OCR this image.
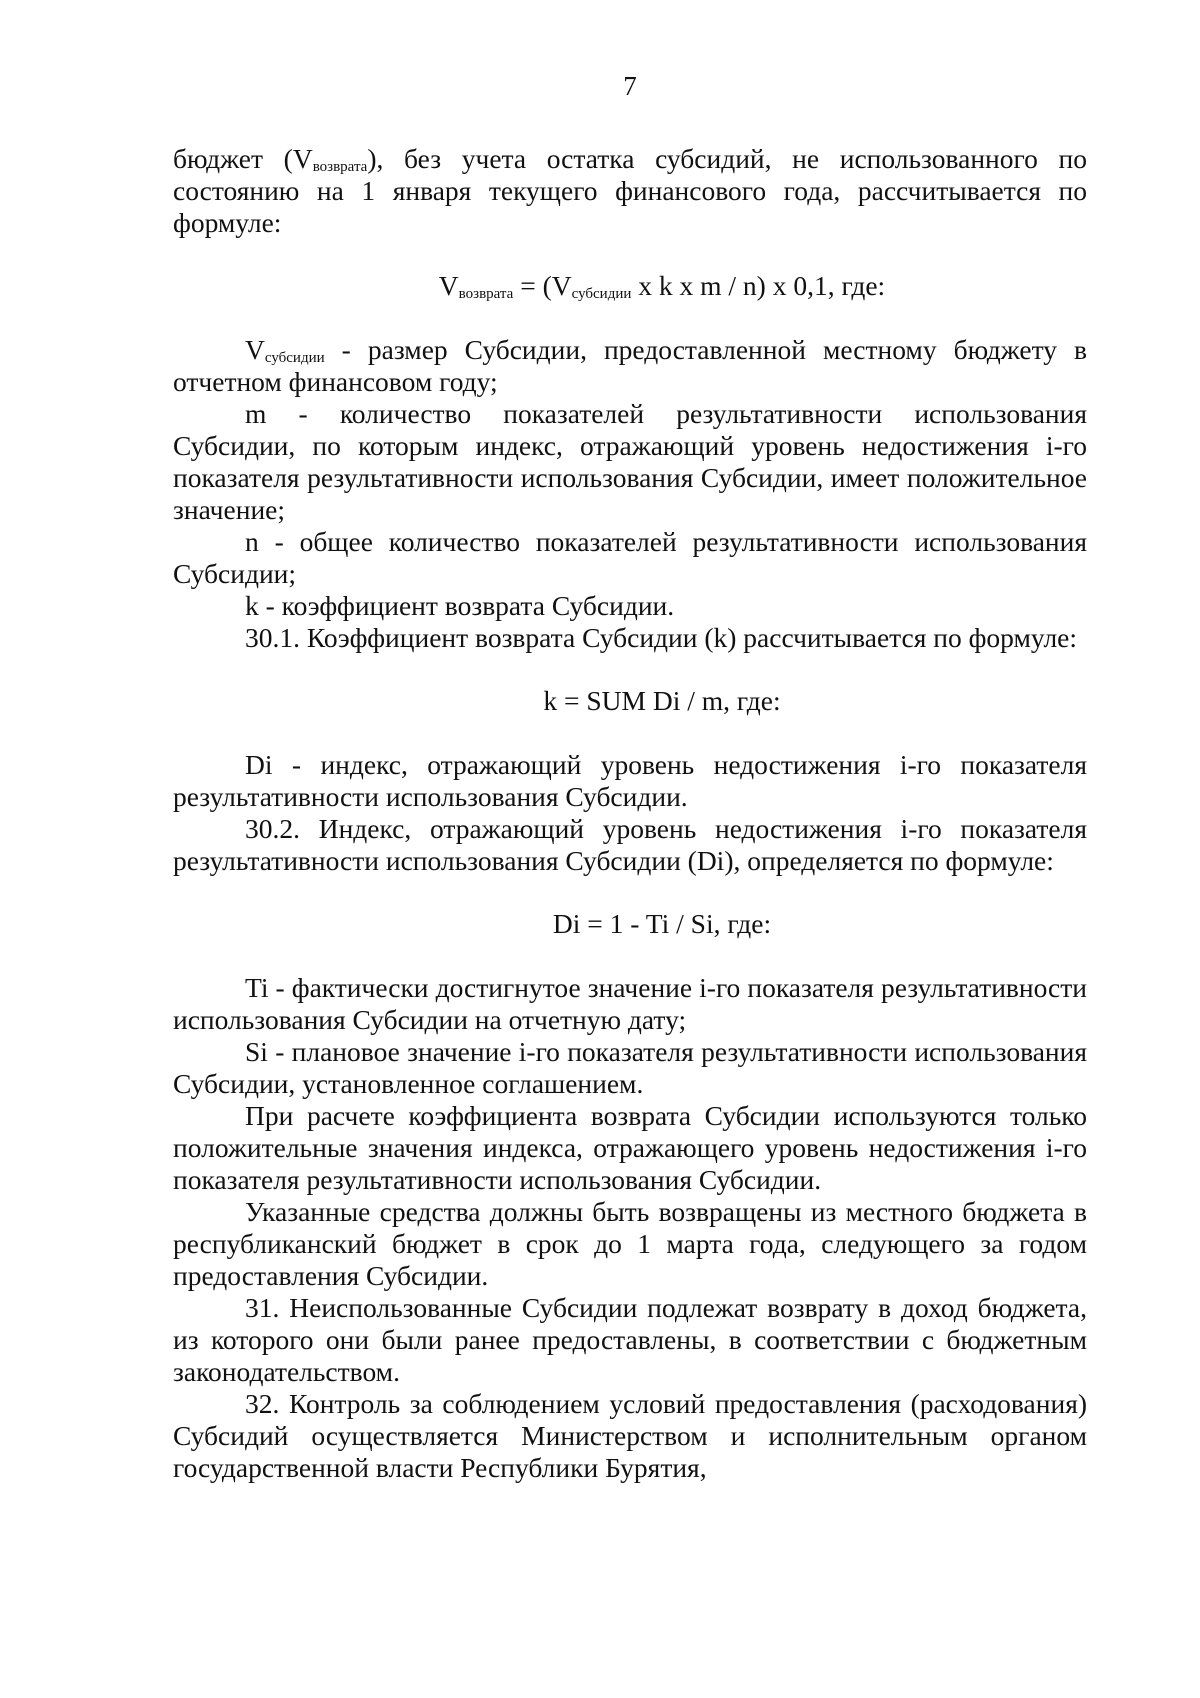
7

бюджет $(V_{возврата})$, без учета остатка субсидий, не использованного по состоянию на 1 января текущего финансового года, рассчитывается по формуле:

$V_{возврата} = (V_{субсидии}$ x k x m / n) x 0,1, где:

$V_{субсидии}$ - размер Субсидии, предоставленной местному бюджету в отчетном финансовом году;

m - количество показателей результативности использования Субсидии, по которым индекс, отражающий уровень недостижения i-го показателя результативности использования Субсидии, имеет положительное значение;

n - общее количество показателей результативности использования Субсидии;

k - коэффициент возврата Субсидии.

30.1. Коэффициент возврата Субсидии (k) рассчитывается по формуле:

k = SUM Di / m, где:

Di - индекс, отражающий уровень недостижения i-го показателя результативности использования Субсидии.

30.2. Индекс, отражающий уровень недостижения i-го показателя результативности использования Субсидии (Di), определяется по формуле:

Di = 1 - Ti / Si, где:

Ti - фактически достигнутое значение i-го показателя результативности использования Субсидии на отчетную дату;

Si - плановое значение i-го показателя результативности использования Субсидии, установленное соглашением.

При расчете коэффициента возврата Субсидии используются только положительные значения индекса, отражающего уровень недостижения i-го показателя результативности использования Субсидии.

Указанные средства должны быть возвращены из местного бюджета в республиканский бюджет в срок до 1 марта года, следующего за годом предоставления Субсидии.

31. Неиспользованные Субсидии подлежат возврату в доход бюджета, из которого они были ранее предоставлены, в соответствии с бюджетным законодательством.

32. Контроль за соблюдением условий предоставления (расходования) Субсидий осуществляется Министерством и исполнительным органом государственной власти Республики Бурятия,
